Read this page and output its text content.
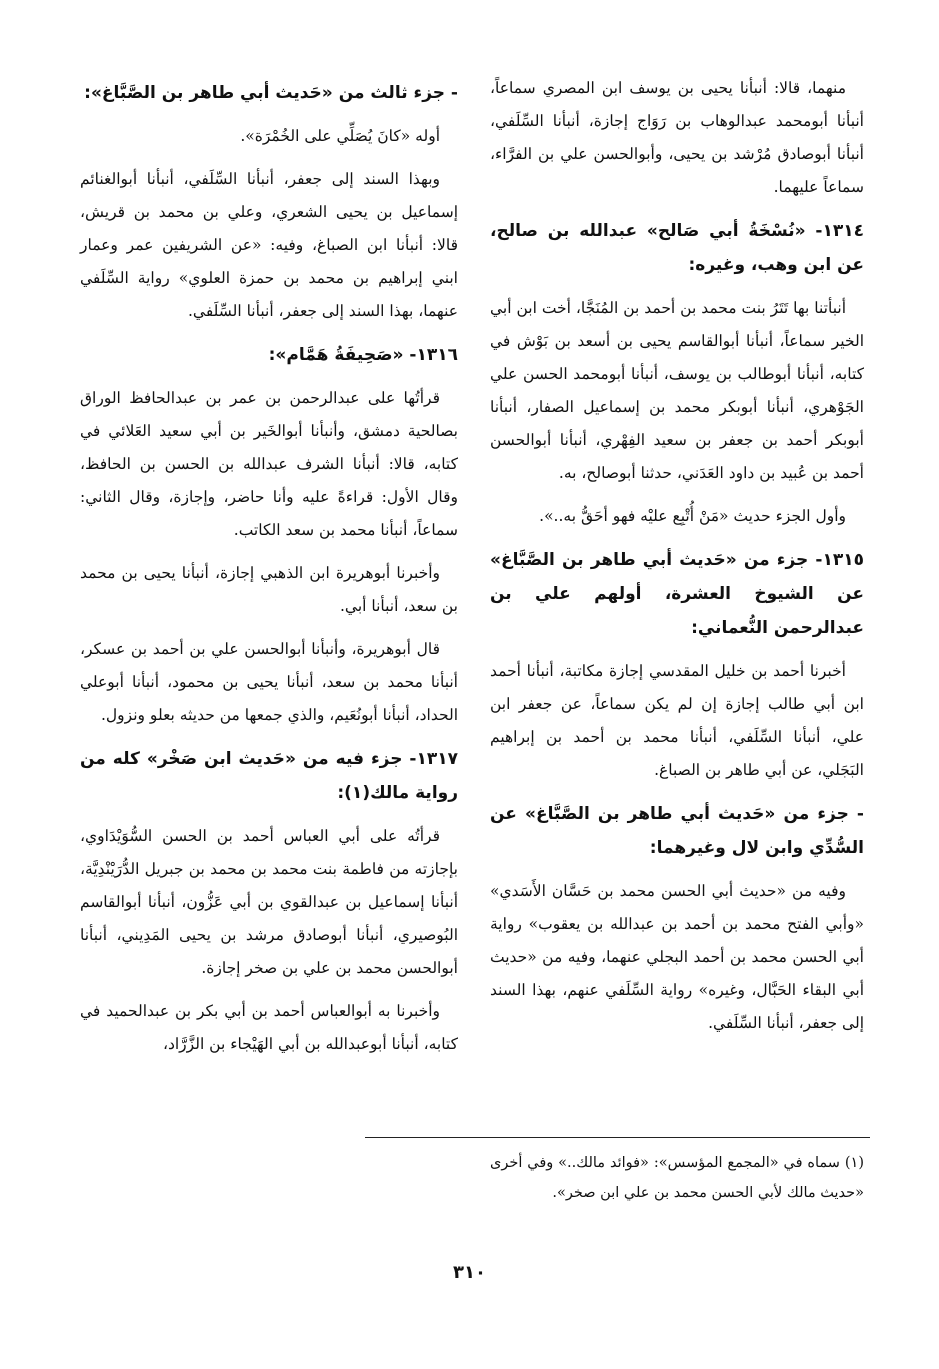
منهما، قالا: أنبأنا يحيى بن يوسف ابن المصري سماعاً، أنبأنا أبومحمد عبدالوهاب بن رَوَاج إجازة، أنبأنا السِّلَفي، أنبأنا أبوصادق مُرْشد بن يحيى، وأبوالحسن علي بن الفرَّاء، سماعاً عليهما.

١٣١٤- «نُسْخَةُ أبي صَالح» عبدالله بن صالح، عن ابن وهب، وغيره:

أنبأتنا بها تَتَرُ بنت محمد بن أحمد بن المُنَجَّا، أخت ابن أبي الخير سماعاً، أنبأنا أبوالقاسم يحيى بن أسعد بن بَوْش في كتابه، أنبأنا أبوطالب بن يوسف، أنبأنا أبومحمد الحسن علي الجَوْهري، أنبأنا أبوبكر محمد بن إسماعيل الصفار، أنبأنا أبوبكر أحمد بن جعفر بن سعيد الفِهْري، أنبأنا أبوالحسن أحمد بن عُبيد بن داود العَدَني، حدثنا أبوصالح، به.

وأول الجزء حديث «مَنْ أُتْبِع عليْه فهو أحَقُّ به..».

١٣١٥- جزء من «حَديث أبي طاهر بن الصَّبَّاغ» عن الشيوخ العشرة، أولهم علي بن عبدالرحمن النُّعماني:

أخبرنا أحمد بن خليل المقدسي إجازة مكاتبة، أنبأنا أحمد ابن أبي طالب إجازة إن لم يكن سماعاً، عن جعفر ابن علي، أنبأنا السِّلَفي، أنبأنا محمد بن أحمد بن إبراهيم البَجَلي، عن أبي طاهر بن الصباغ.

- جزء من «حَديث أبي طاهر بن الصَّبَّاغ» عن السُّدِّي وابن لال وغيرهما:

وفيه من «حديث أبي الحسن محمد بن حَسَّان الأَسَدي» «وأبي الفتح محمد بن أحمد بن عبدالله بن يعقوب» رواية أبي الحسن محمد بن أحمد البجلي عنهما، وفيه من «حديث أبي البقاء الحَبَّال، وغيره» رواية السِّلَفي عنهم، بهذا السند إلى جعفر، أنبأنا السِّلَفي.

- جزء ثالث من «حَديث أبي طاهر بن الصَّبَّاغ»:

أوله «كانَ يُصَلِّي على الخُمْرَة».

وبهذا السند إلى جعفر، أنبأنا السِّلَفي، أنبأنا أبوالغنائم إسماعيل بن يحيى الشعري، وعلي بن محمد بن قريش، قالا: أنبأنا ابن الصباغ، وفيه: «عن الشريفين عمر وعمار ابني إبراهيم بن محمد بن حمزة العلوي» رواية السِّلَفي عنهما، بهذا السند إلى جعفر، أنبأنا السِّلَفي.

١٣١٦- «صَحِيفَةُ هَمَّام»:

قرأتُها على عبدالرحمن بن عمر بن عبدالحافظ الوراق بصالحية دمشق، وأنبأنا أبوالخَير بن أبي سعيد العَلائي في كتابه، قالا: أنبأنا الشرف عبدالله بن الحسن بن الحافظ، وقال الأول: قراءةً عليه وأنا حاضر، وإجازة، وقال الثاني: سماعاً، أنبأنا محمد بن سعد الكاتب.

وأخبرنا أبوهريرة ابن الذهبي إجازة، أنبأنا يحيى بن محمد بن سعد، أنبأنا أبي.

قال أبوهريرة، وأنبأنا أبوالحسن علي بن أحمد بن عسكر، أنبأنا محمد بن سعد، أنبأنا يحيى بن محمود، أنبأنا أبوعلي الحداد، أنبأنا أبونُعَيم، والذي جمعها من حديثه بعلو ونزول.

١٣١٧- جزء فيه من «حَديث ابن صَخْر» كله من رواية مالك(١):

قرأتُه على أبي العباس أحمد بن الحسن السُّوَيْدَاوي، بإجازته من فاطمة بنت محمد بن محمد بن جبريل الدُّرَيْنْدِيَّة، أنبأنا إسماعيل بن عبدالقوي بن أبي عَزُّون، أنبأنا أبوالقاسم البُوصيري، أنبأنا أبوصادق مرشد بن يحيى المَدِيني، أنبأنا أبوالحسن محمد بن علي بن صخر إجازة.

وأخبرنا به أبوالعباس أحمد بن أبي بكر بن عبدالحميد في كتابه، أنبأنا أبوعبدالله بن أبي الهَيْجاء بن الزَّرَّاد،

(١) سماه في «المجمع المؤسس»: «فوائد مالك..» وفي أخرى «حديث مالك لأبي الحسن محمد بن علي ابن صخر».
٣١٠
